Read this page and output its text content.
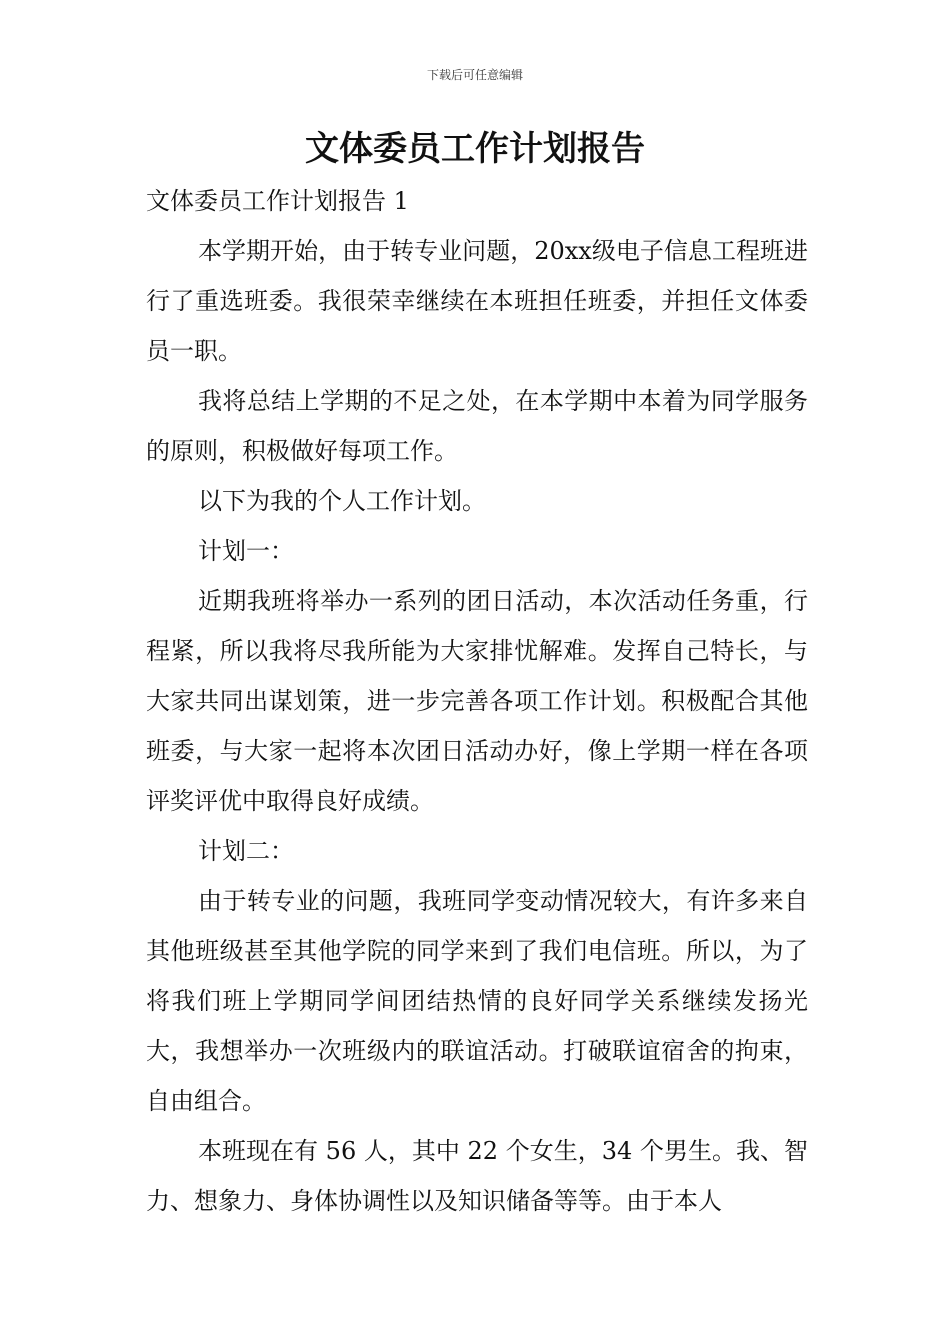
下载后可任意编辑
文体委员工作计划报告

文体委员工作计划报告 1

本学期开始，由于转专业问题，20xx级电子信息工程班进行了重选班委。我很荣幸继续在本班担任班委，并担任文体委员一职。

我将总结上学期的不足之处，在本学期中本着为同学服务的原则，积极做好每项工作。

以下为我的个人工作计划。

计划一：

近期我班将举办一系列的团日活动，本次活动任务重，行程紧，所以我将尽我所能为大家排忧解难。发挥自己特长，与大家共同出谋划策，进一步完善各项工作计划。积极配合其他班委，与大家一起将本次团日活动办好，像上学期一样在各项评奖评优中取得良好成绩。

计划二：

由于转专业的问题，我班同学变动情况较大，有许多来自其他班级甚至其他学院的同学来到了我们电信班。所以，为了将我们班上学期同学间团结热情的良好同学关系继续发扬光大，我想举办一次班级内的联谊活动。打破联谊宿舍的拘束，自由组合。

本班现在有 56 人，其中 22 个女生，34 个男生。我、智力、想象力、身体协调性以及知识储备等等。由于本人
